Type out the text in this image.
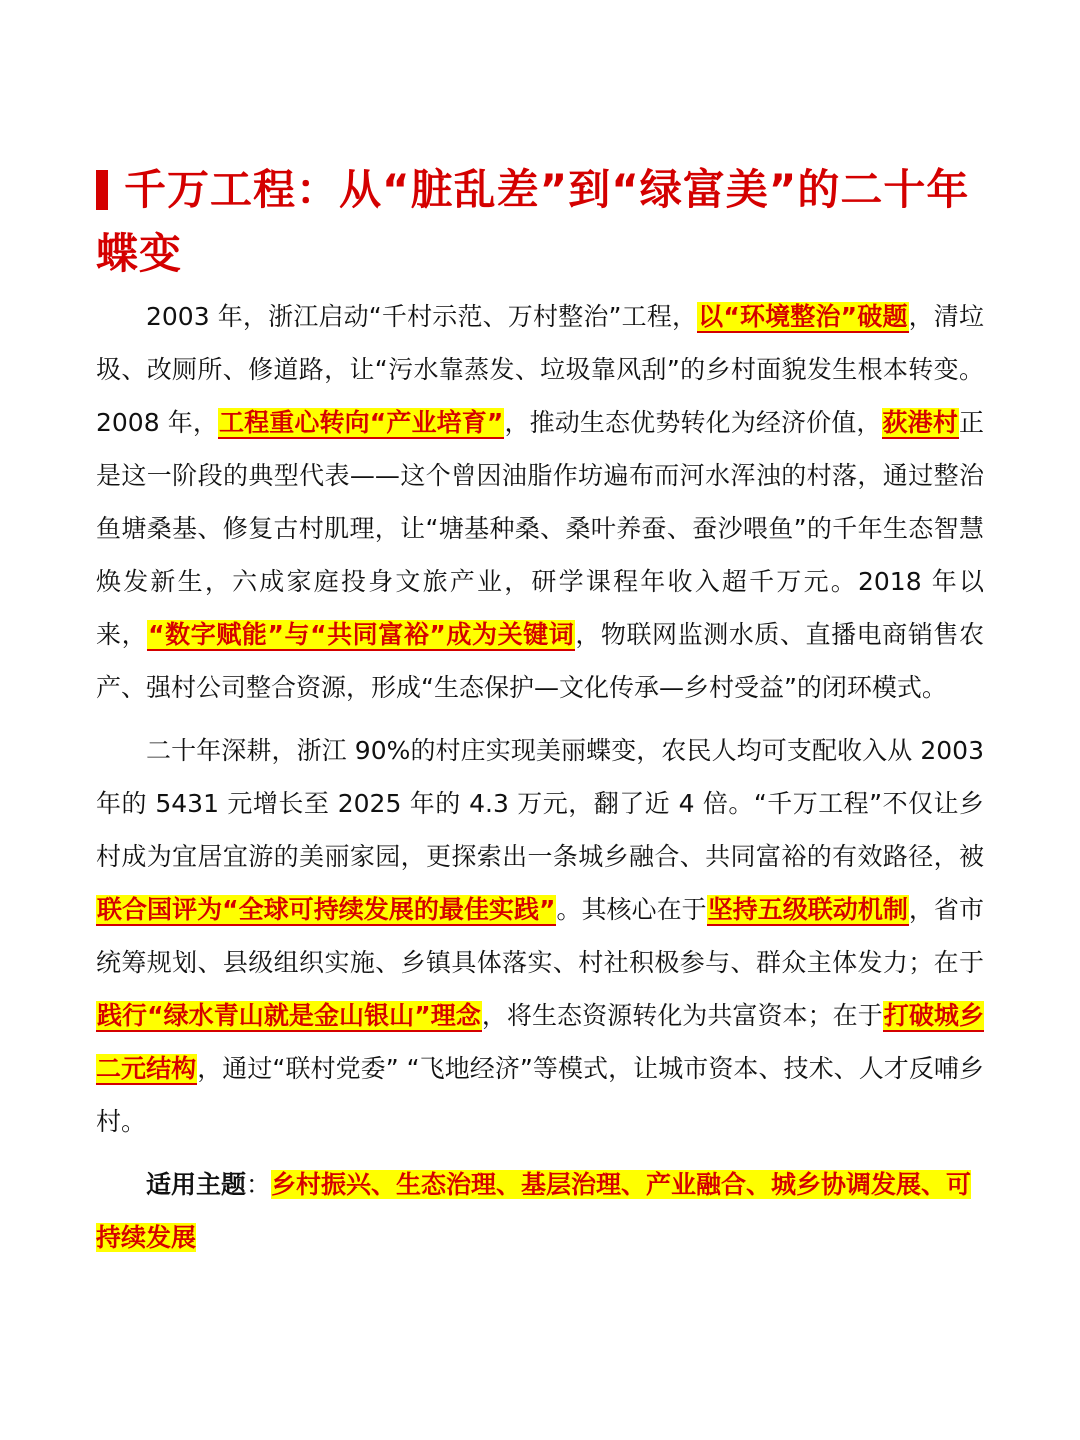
千万工程：从“脏乱差”到“绿富美”的二十年
蝶变

2003 年，浙江启动“千村示范、万村整治”工程，以“环境整治”破题，清垃圾、改厕所、修道路，让“污水靠蒸发、垃圾靠风刮”的乡村面貌发生根本转变。2008 年，工程重心转向“产业培育”，推动生态优势转化为经济价值，荻港村正是这一阶段的典型代表——这个曾因油脂作坊遍布而河水浑浊的村落，通过整治鱼塘桑基、修复古村肌理，让“塘基种桑、桑叶养蚕、蚕沙喂鱼”的千年生态智慧焕发新生，六成家庭投身文旅产业，研学课程年收入超千万元。2018 年以来，“数字赋能”与“共同富裕”成为关键词，物联网监测水质、直播电商销售农产、强村公司整合资源，形成“生态保护—文化传承—乡村受益”的闭环模式。

二十年深耕，浙江 90%的村庄实现美丽蝶变，农民人均可支配收入从 2003 年的 5431 元增长至 2025 年的 4.3 万元，翻了近 4 倍。“千万工程”不仅让乡村成为宜居宜游的美丽家园，更探索出一条城乡融合、共同富裕的有效路径，被联合国评为“全球可持续发展的最佳实践”。其核心在于坚持五级联动机制，省市统筹规划、县级组织实施、乡镇具体落实、村社积极参与、群众主体发力；在于践行“绿水青山就是金山银山”理念，将生态资源转化为共富资本；在于打破城乡二元结构，通过“联村党委” “飞地经济”等模式，让城市资本、技术、人才反哺乡村。

适用主题：乡村振兴、生态治理、基层治理、产业融合、城乡协调发展、可持续发展
